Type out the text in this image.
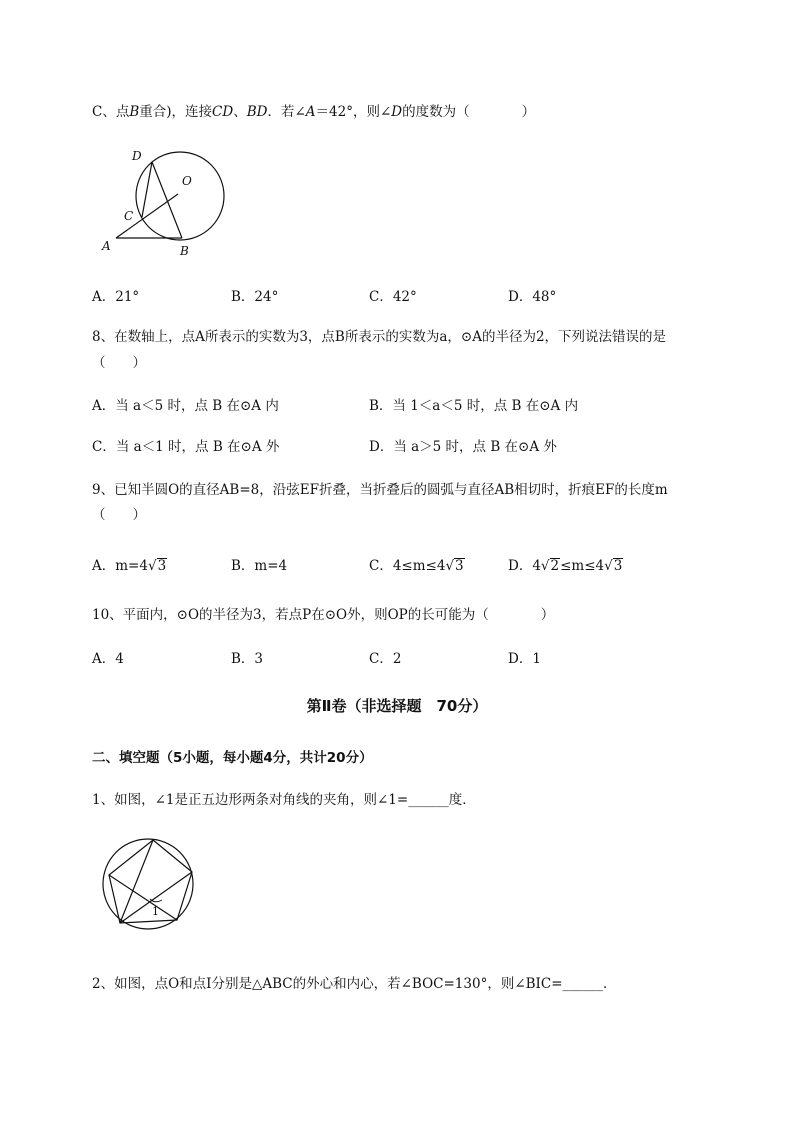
C、点B重合)，连接CD、BD．若∠A＝42°，则∠D的度数为（	）
D
O
C
A	B
A．21°	B．24°	C．42°	D．48°
8、在数轴上，点A所表示的实数为3，点B所表示的实数为a，⊙A的半径为2，下列说法错误的是
（　　）
A．当 a＜5 时，点 B 在⊙A 内	B．当 1＜a＜5 时，点 B 在⊙A 内
C．当 a＜1 时，点 B 在⊙A 外	D．当 a＞5 时，点 B 在⊙A 外
9、已知半圆O的直径AB=8，沿弦EF折叠，当折叠后的圆弧与直径AB相切时，折痕EF的长度m
（　　）
A．m=4√3	B．m=4	C．4≤m≤4√3	D．4√2≤m≤4√3
10、平面内，⊙O的半径为3，若点P在⊙O外，则OP的长可能为（	）
A．4	B．3	C．2	D．1
第Ⅱ卷（非选择题　70分）
二、填空题（5小题，每小题4分，共计20分）
1、如图，∠1是正五边形两条对角线的夹角，则∠1=______度．
1
2、如图，点O和点I分别是△ABC的外心和内心，若∠BOC=130°，则∠BIC=______．
